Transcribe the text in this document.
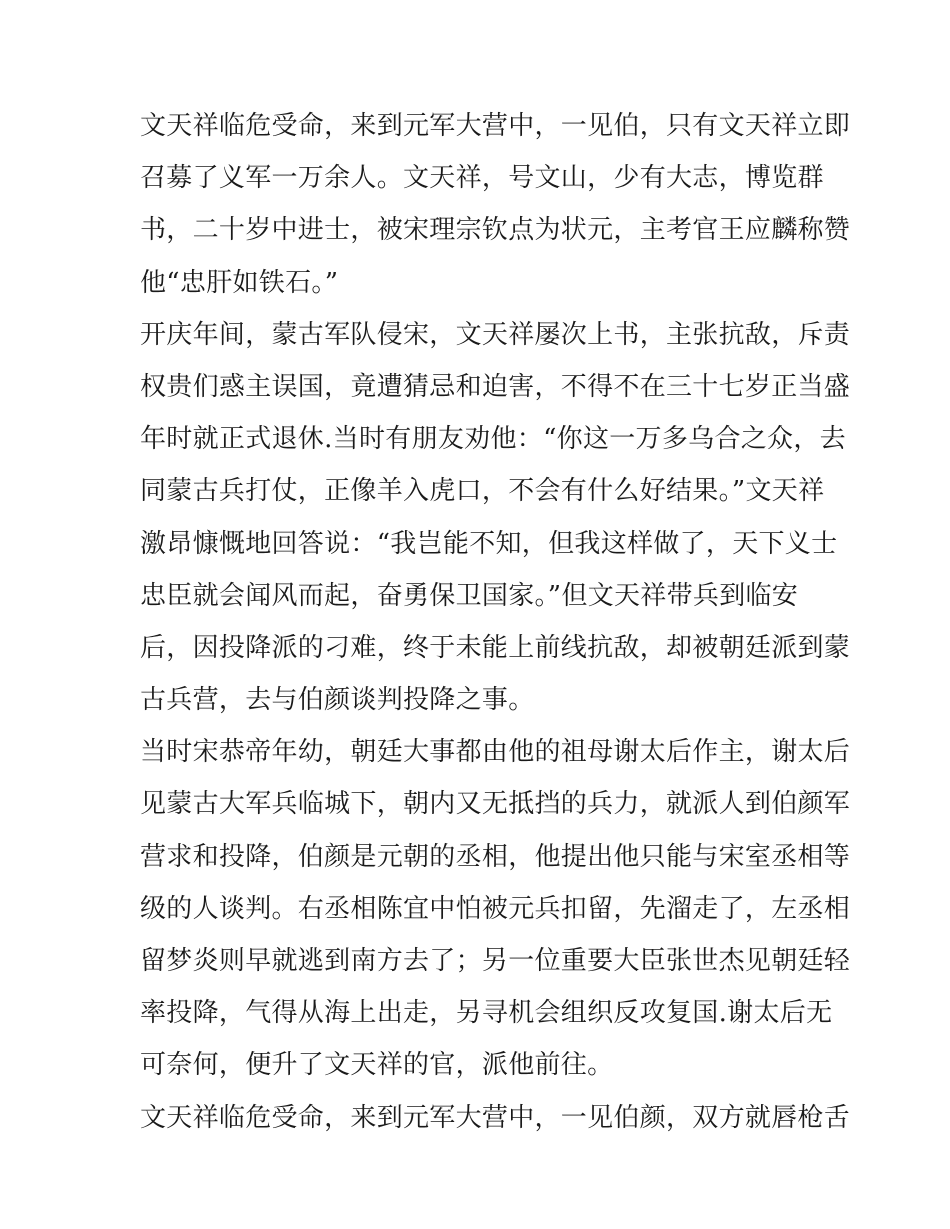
文天祥临危受命，来到元军大营中，一见伯，只有文天祥立即
召募了义军一万余人。文天祥，号文山，少有大志，博览群
书，二十岁中进士，被宋理宗钦点为状元，主考官王应麟称赞
他“忠肝如铁石。”
开庆年间，蒙古军队侵宋，文天祥屡次上书，主张抗敌，斥责
权贵们惑主误国，竟遭猜忌和迫害，不得不在三十七岁正当盛
年时就正式退休.当时有朋友劝他：“你这一万多乌合之众，去
同蒙古兵打仗，正像羊入虎口，不会有什么好结果。”文天祥
激昂慷慨地回答说：“我岂能不知，但我这样做了，天下义士
忠臣就会闻风而起，奋勇保卫国家。”但文天祥带兵到临安
后，因投降派的刁难，终于未能上前线抗敌，却被朝廷派到蒙
古兵营，去与伯颜谈判投降之事。
当时宋恭帝年幼，朝廷大事都由他的祖母谢太后作主，谢太后
见蒙古大军兵临城下，朝内又无抵挡的兵力，就派人到伯颜军
营求和投降，伯颜是元朝的丞相，他提出他只能与宋室丞相等
级的人谈判。右丞相陈宜中怕被元兵扣留，先溜走了，左丞相
留梦炎则早就逃到南方去了；另一位重要大臣张世杰见朝廷轻
率投降，气得从海上出走，另寻机会组织反攻复国.谢太后无
可奈何，便升了文天祥的官，派他前往。
文天祥临危受命，来到元军大营中，一见伯颜，双方就唇枪舌
